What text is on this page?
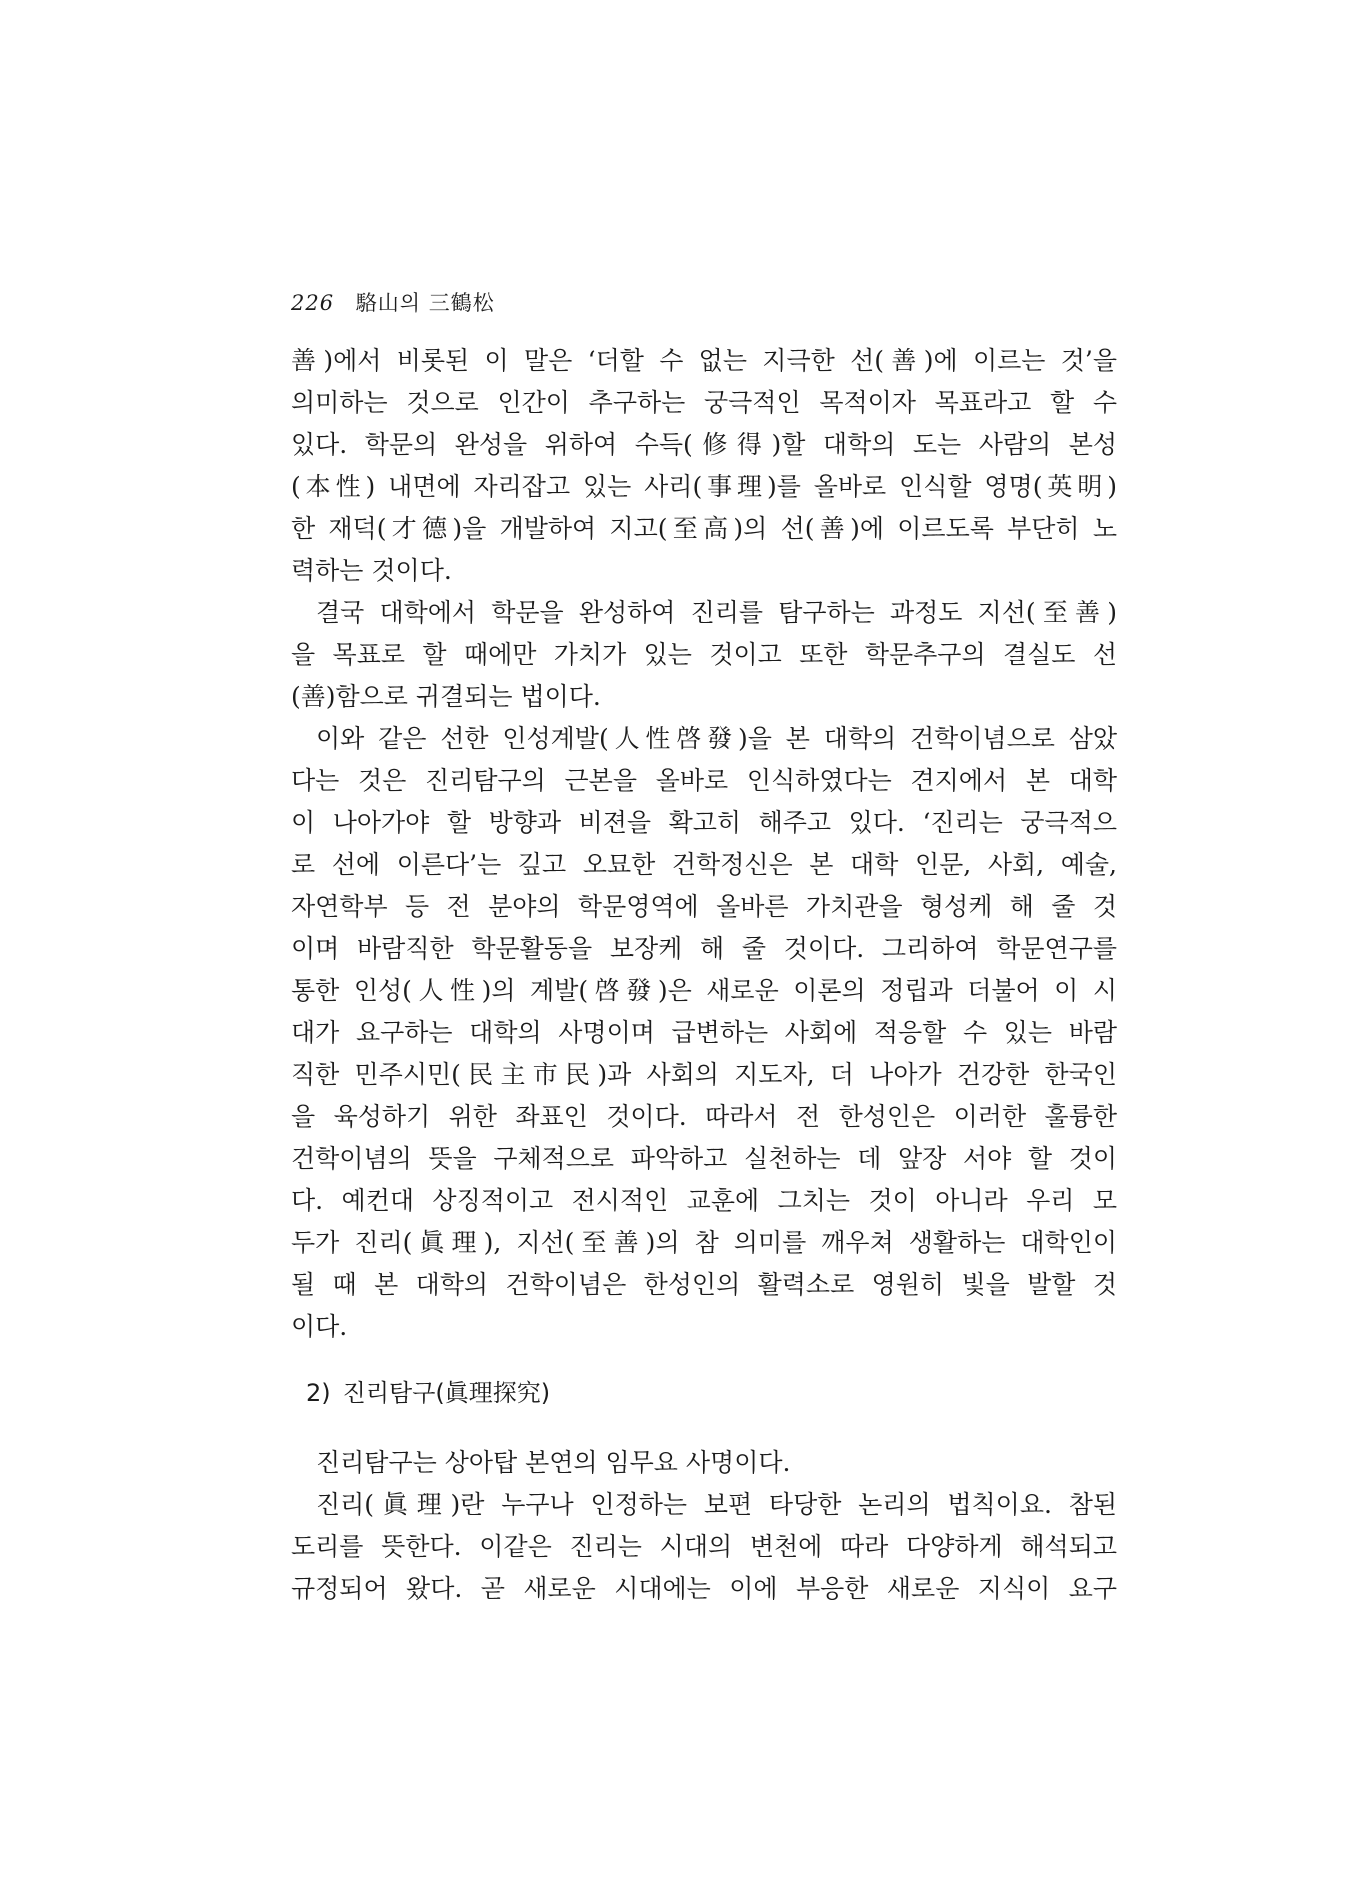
226 駱山의 三鶴松
善)에서 비롯된 이 말은 ‘더할 수 없는 지극한 선(善)에 이르는 것’을
의미하는 것으로 인간이 추구하는 궁극적인 목적이자 목표라고 할 수
있다. 학문의 완성을 위하여 수득(修得)할 대학의 도는 사람의 본성
(本性) 내면에 자리잡고 있는 사리(事理)를 올바로 인식할 영명(英明)
한 재덕(才德)을 개발하여 지고(至高)의 선(善)에 이르도록 부단히 노
력하는 것이다.
결국 대학에서 학문을 완성하여 진리를 탐구하는 과정도 지선(至善)
을 목표로 할 때에만 가치가 있는 것이고 또한 학문추구의 결실도 선
(善)함으로 귀결되는 법이다.
이와 같은 선한 인성계발(人性啓發)을 본 대학의 건학이념으로 삼았
다는 것은 진리탐구의 근본을 올바로 인식하였다는 견지에서 본 대학
이 나아가야 할 방향과 비젼을 확고히 해주고 있다. ‘진리는 궁극적으
로 선에 이른다’는 깊고 오묘한 건학정신은 본 대학 인문, 사회, 예술,
자연학부 등 전 분야의 학문영역에 올바른 가치관을 형성케 해 줄 것
이며 바람직한 학문활동을 보장케 해 줄 것이다. 그리하여 학문연구를
통한 인성(人性)의 계발(啓發)은 새로운 이론의 정립과 더불어 이 시
대가 요구하는 대학의 사명이며 급변하는 사회에 적응할 수 있는 바람
직한 민주시민(民主市民)과 사회의 지도자, 더 나아가 건강한 한국인
을 육성하기 위한 좌표인 것이다. 따라서 전 한성인은 이러한 훌륭한
건학이념의 뜻을 구체적으로 파악하고 실천하는 데 앞장 서야 할 것이
다. 예컨대 상징적이고 전시적인 교훈에 그치는 것이 아니라 우리 모
두가 진리(眞理), 지선(至善)의 참 의미를 깨우쳐 생활하는 대학인이
될 때 본 대학의 건학이념은 한성인의 활력소로 영원히 빛을 발할 것
이다.
2) 진리탐구(眞理探究)
진리탐구는 상아탑 본연의 임무요 사명이다.
진리(眞理)란 누구나 인정하는 보편 타당한 논리의 법칙이요. 참된
도리를 뜻한다. 이같은 진리는 시대의 변천에 따라 다양하게 해석되고
규정되어 왔다. 곧 새로운 시대에는 이에 부응한 새로운 지식이 요구
